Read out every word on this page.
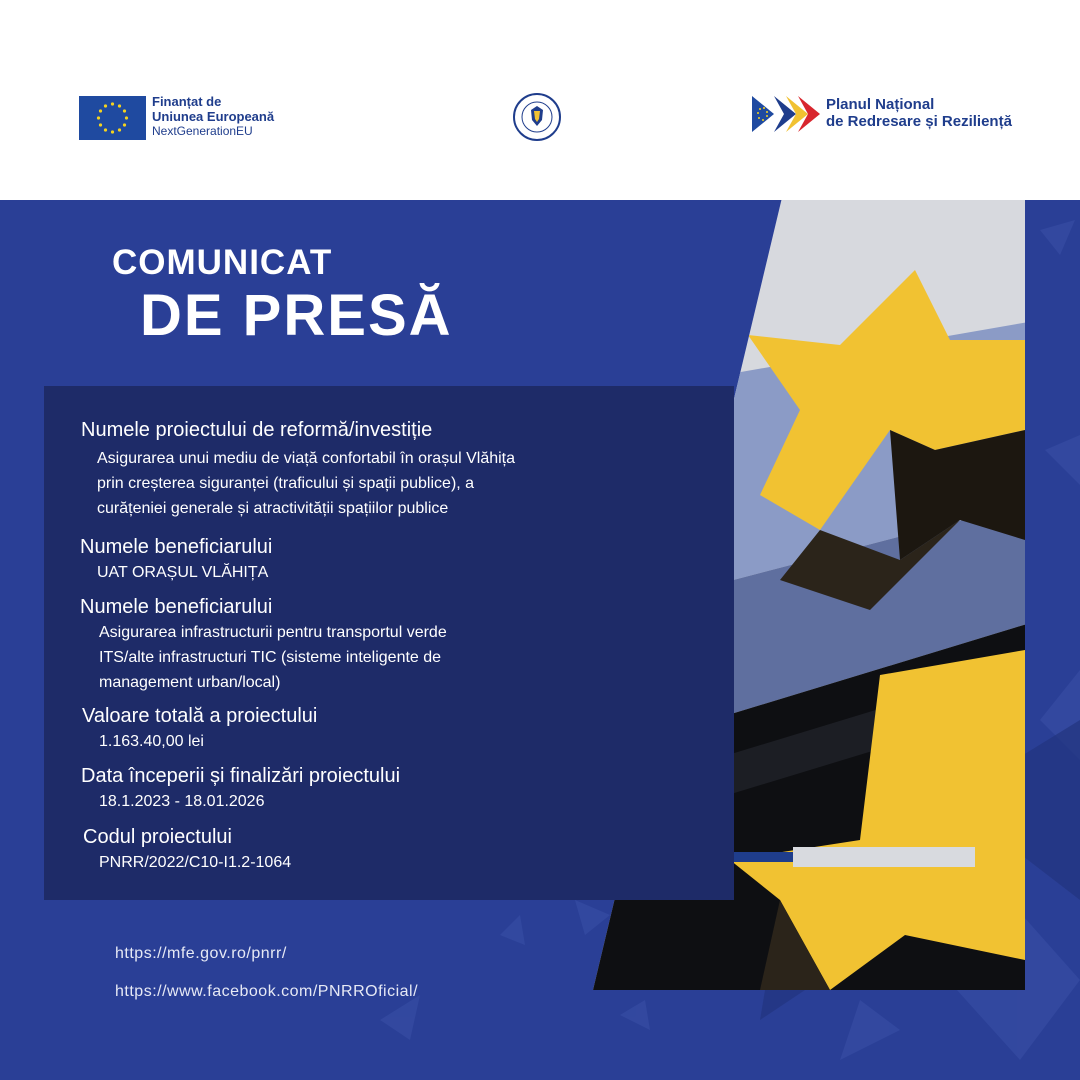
Finanțat de
Uniunea Europeană
NextGenerationEU
Planul Național
de Redresare și Reziliență
COMUNICAT
DE PRESĂ
Numele proiectului de reformă/investiție
Asigurarea unui mediu de viață confortabil în orașul Vlăhița
prin creșterea siguranței (traficului și spații publice), a
curățeniei generale și atractivității spațiilor publice
Numele beneficiarului
UAT ORAȘUL VLĂHIȚA
Numele beneficiarului
Asigurarea infrastructurii pentru transportul verde
ITS/alte infrastructuri TIC (sisteme inteligente de
management urban/local)
Valoare totală a proiectului
1.163.40,00 lei
Data începerii și finalizări proiectului
18.1.2023 - 18.01.2026
Codul proiectului
PNRR/2022/C10-I1.2-1064
https://mfe.gov.ro/pnrr/
https://www.facebook.com/PNRROficial/
